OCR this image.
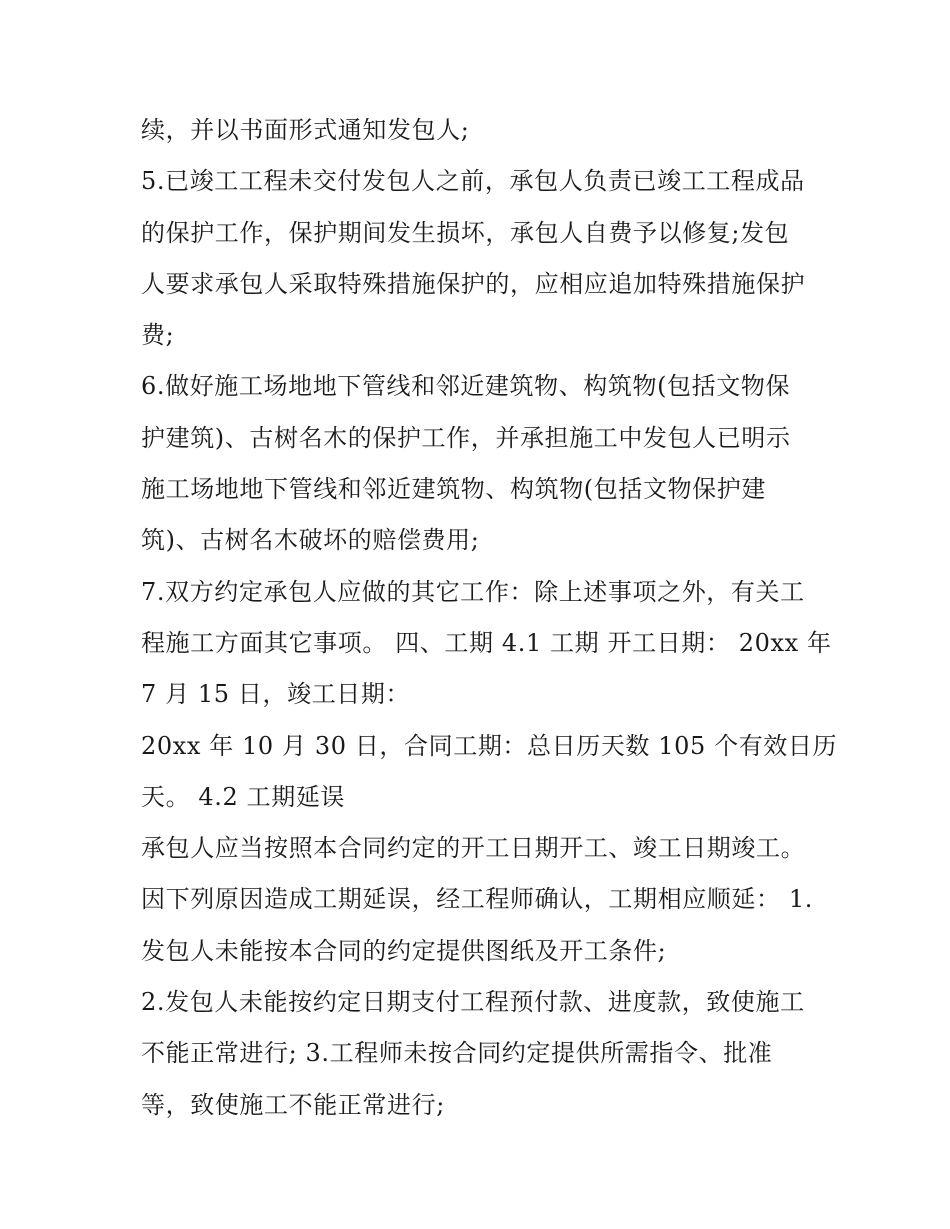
续，并以书面形式通知发包人;
5.已竣工工程未交付发包人之前，承包人负责已竣工工程成品
的保护工作，保护期间发生损坏，承包人自费予以修复;发包
人要求承包人采取特殊措施保护的，应相应追加特殊措施保护
费;
6.做好施工场地地下管线和邻近建筑物、构筑物(包括文物保
护建筑)、古树名木的保护工作，并承担施工中发包人已明示
施工场地地下管线和邻近建筑物、构筑物(包括文物保护建
筑)、古树名木破坏的赔偿费用;
7.双方约定承包人应做的其它工作：除上述事项之外，有关工
程施工方面其它事项。 四、工期 4.1 工期 开工日期： 20xx 年
7 月 15 日，竣工日期：
20xx 年 10 月 30 日，合同工期：总日历天数 105 个有效日历
天。 4.2 工期延误
承包人应当按照本合同约定的开工日期开工、竣工日期竣工。
因下列原因造成工期延误，经工程师确认，工期相应顺延： 1.
发包人未能按本合同的约定提供图纸及开工条件;
2.发包人未能按约定日期支付工程预付款、进度款，致使施工
不能正常进行; 3.工程师未按合同约定提供所需指令、批准
等，致使施工不能正常进行;
